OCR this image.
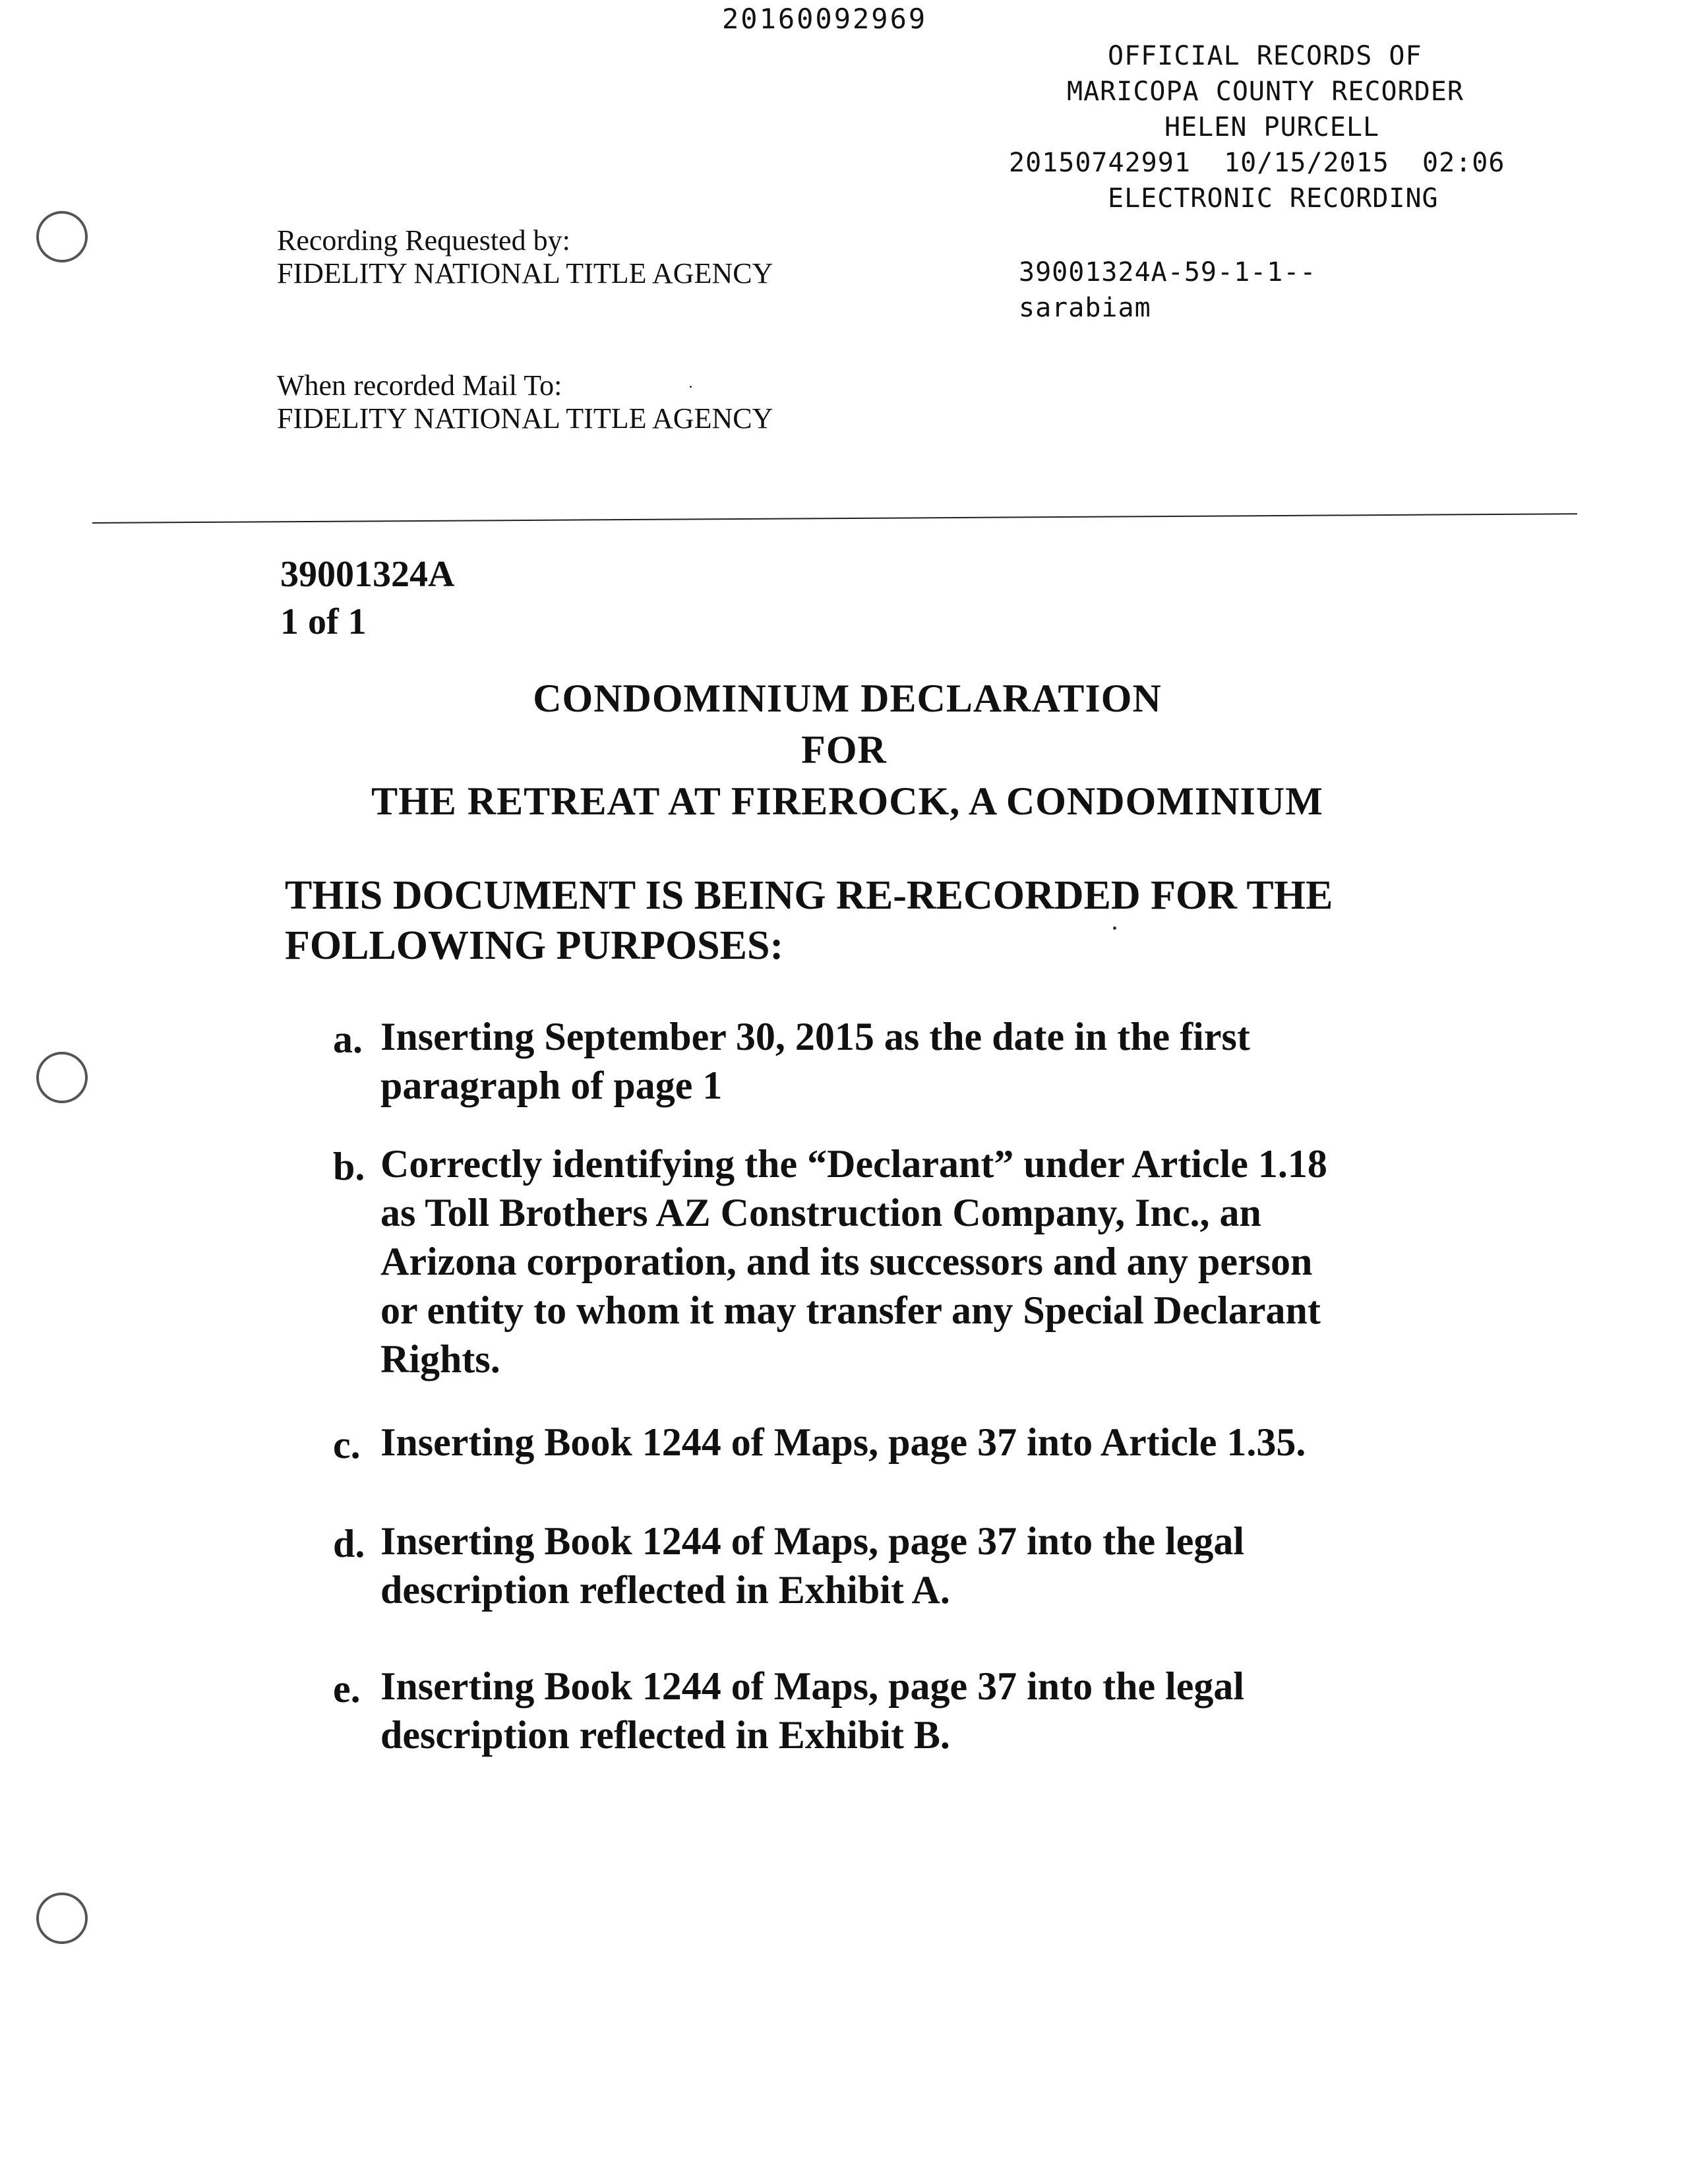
20160092969
OFFICIAL RECORDS OF
MARICOPA COUNTY RECORDER
HELEN PURCELL
20150742991  10/15/2015  02:06
ELECTRONIC RECORDING
39001324A-59-1-1--
sarabiam
Recording Requested by:
FIDELITY NATIONAL TITLE AGENCY
When recorded Mail To:
FIDELITY NATIONAL TITLE AGENCY
39001324A
1 of 1
CONDOMINIUM DECLARATION
FOR
THE RETREAT AT FIREROCK, A CONDOMINIUM
THIS DOCUMENT IS BEING RE-RECORDED FOR THE
FOLLOWING PURPOSES:
a. Inserting September 30, 2015 as the date in the first
paragraph of page 1
b. Correctly identifying the “Declarant” under Article 1.18
as Toll Brothers AZ Construction Company, Inc., an
Arizona corporation, and its successors and any person
or entity to whom it may transfer any Special Declarant
Rights.
c. Inserting Book 1244 of Maps, page 37 into Article 1.35.
d. Inserting Book 1244 of Maps, page 37 into the legal
description reflected in Exhibit A.
e. Inserting Book 1244 of Maps, page 37 into the legal
description reflected in Exhibit B.
